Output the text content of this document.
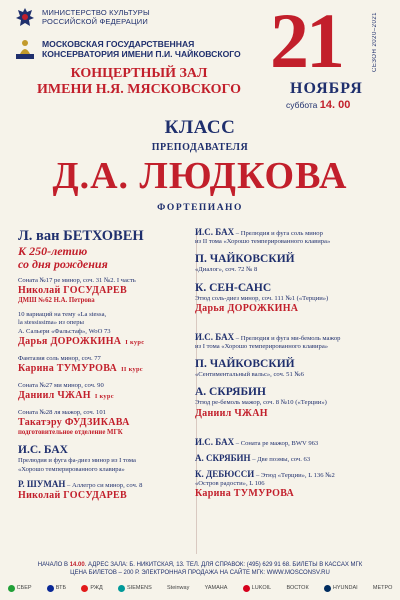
МИНИСТЕРСТВО КУЛЬТУРЫ
РОССИЙСКОЙ ФЕДЕРАЦИИ
МОСКОВСКАЯ ГОСУДАРСТВЕННАЯ
КОНСЕРВАТОРИЯ ИМЕНИ П.И. ЧАЙКОВСКОГО
КОНЦЕРТНЫЙ ЗАЛ
ИМЕНИ Н.Я. МЯСКОВСКОГО
21	СЕЗОН 2020–2021
НОЯБРЯ
суббота 14. 00
КЛАСС
ПРЕПОДАВАТЕЛЯ
Д.А. ЛЮДКОВА
ФОРТЕПИАНО
Л. ван БЕТХОВЕН
К 250-летию
со дня рождения
Соната №17 ре минор, соч. 31 №2. I часть
Николай ГОСУДАРЕВ
ДМШ №62 Н.А. Петрова
10 вариаций на тему «La stessa,
la stessissima» из оперы
А. Сальери «Фальстаф», WoO 73
Дарья ДОРОЖКИНА I курс
Фантазия соль минор, соч. 77
Карина ТУМУРОВА II курс
Соната №27 ми минор, соч. 90
Даниил ЧЖАН I курс
Соната №28 ля мажор, соч. 101
Такатэру ФУДЗИКАВА
подготовительное отделение МГК
И.С. БАХ
Прелюдия и фуга фа-диез минор из I тома
«Хорошо темперированного клавира»
Р. ШУМАН – Аллегро си минор, соч. 8
Николай ГОСУДАРЕВ
И.С. БАХ – Прелюдия и фуга соль минор
из II тома «Хорошо темперированного клавира»
П. ЧАЙКОВСКИЙ
«Диалог», соч. 72 № 8
К. СЕН-САНС
Этюд соль-диез минор, соч. 111 №1 («Терции»)
Дарья ДОРОЖКИНА
И.С. БАХ – Прелюдия и фуга ми-бемоль мажор
из I тома «Хорошо темперированного клавира»
П. ЧАЙКОВСКИЙ
«Сентиментальный вальс», соч. 51 №6
А. СКРЯБИН
Этюд ре-бемоль мажор, соч. 8 №10 («Терции»)
Даниил ЧЖАН
И.С. БАХ – Соната ре мажор, BWV 963
А. СКРЯБИН – Две поэмы, соч. 63
К. ДЕБЮССИ – Этюд «Терции», L 136 №2
«Остров радости», L 106
Карина ТУМУРОВА
НАЧАЛО В 14.00. АДРЕС ЗАЛА: Б. НИКИТСКАЯ, 13. ТЕЛ. ДЛЯ СПРАВОК: (495) 629 91 68. БИЛЕТЫ В КАССАХ МГК
ЦЕНА БИЛЕТОВ – 200 Р. ЭЛЕКТРОННАЯ ПРОДАЖА НА САЙТЕ МГК: WWW.MOSCONSV.RU
СБЕР	ВТБ	РЖД	SIEMENS	Steinway	YAMAHA	LUKOIL	ВОСТОК	HYUNDAI	МЕТРО
